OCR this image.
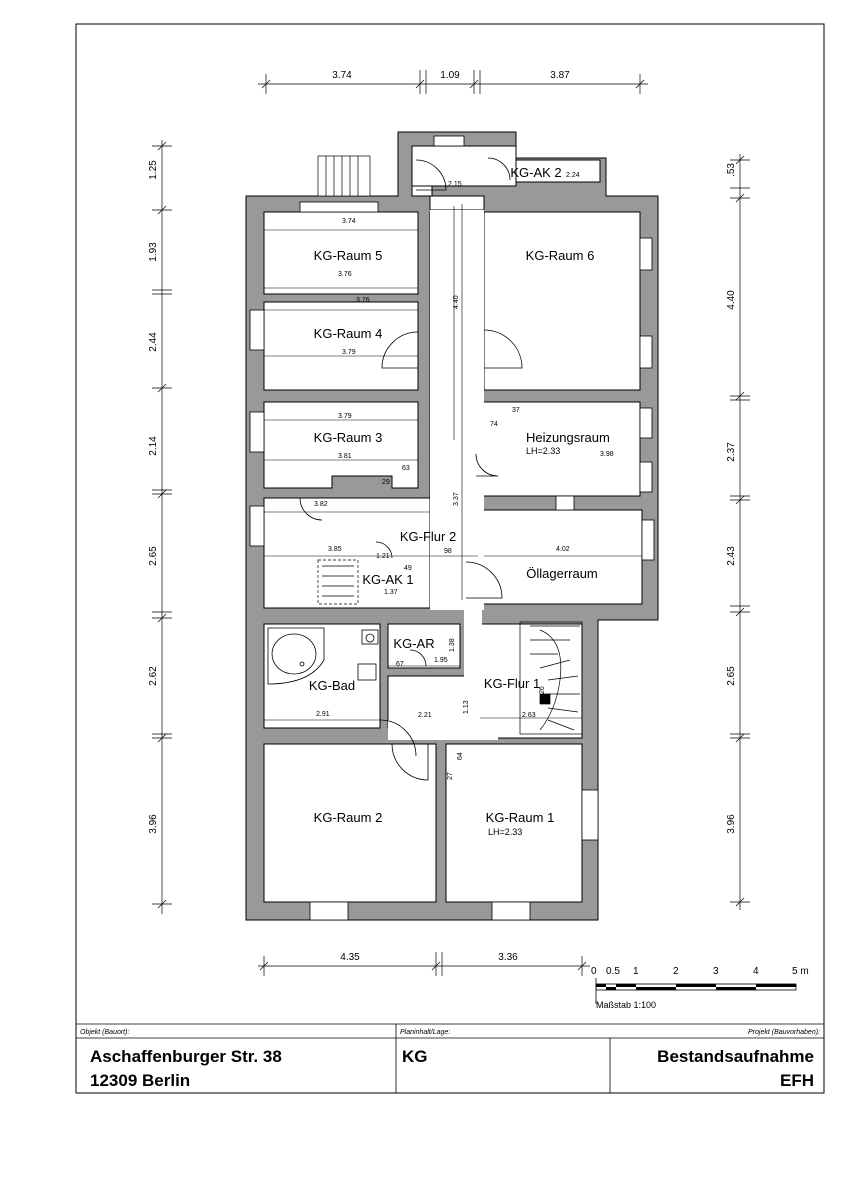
KG-Raum 5
KG-Raum 4
KG-Raum 6
KG-Raum 3	Heizungsraum
LH=2.33
KG-Flur 2
Öllagerraum
KG-AK 1
KG-AK 2
KG-AR
KG-Bad	KG-Flur 1
KG-Raum 2	KG-Raum 1
LH=2.33
3.74
3.76
3.76
3.79
3.79
3.81
63
29
3.82
3.85
1.21
49
98
1.37
4.02
3.98
74
37
4.40
3.37
2.15
2.24
1.95
1.38
67
2.91	2.21	2.63
1.13
64
27
26
3.74	1.09	3.87
4.35	3.36
1.25
1.93
2.44
2.14
2.65
2.62
3.96
.53
4.40
2.37
2.43
2.65
3.96
0 0.5 1	2	3	4	5 m
Maßstab 1:100
Objekt (Bauort):	Planinhalt/Lage:	Projekt (Bauvorhaben):
Aschaffenburger Str. 38
12309 Berlin
KG	Bestandsaufnahme
EFH
